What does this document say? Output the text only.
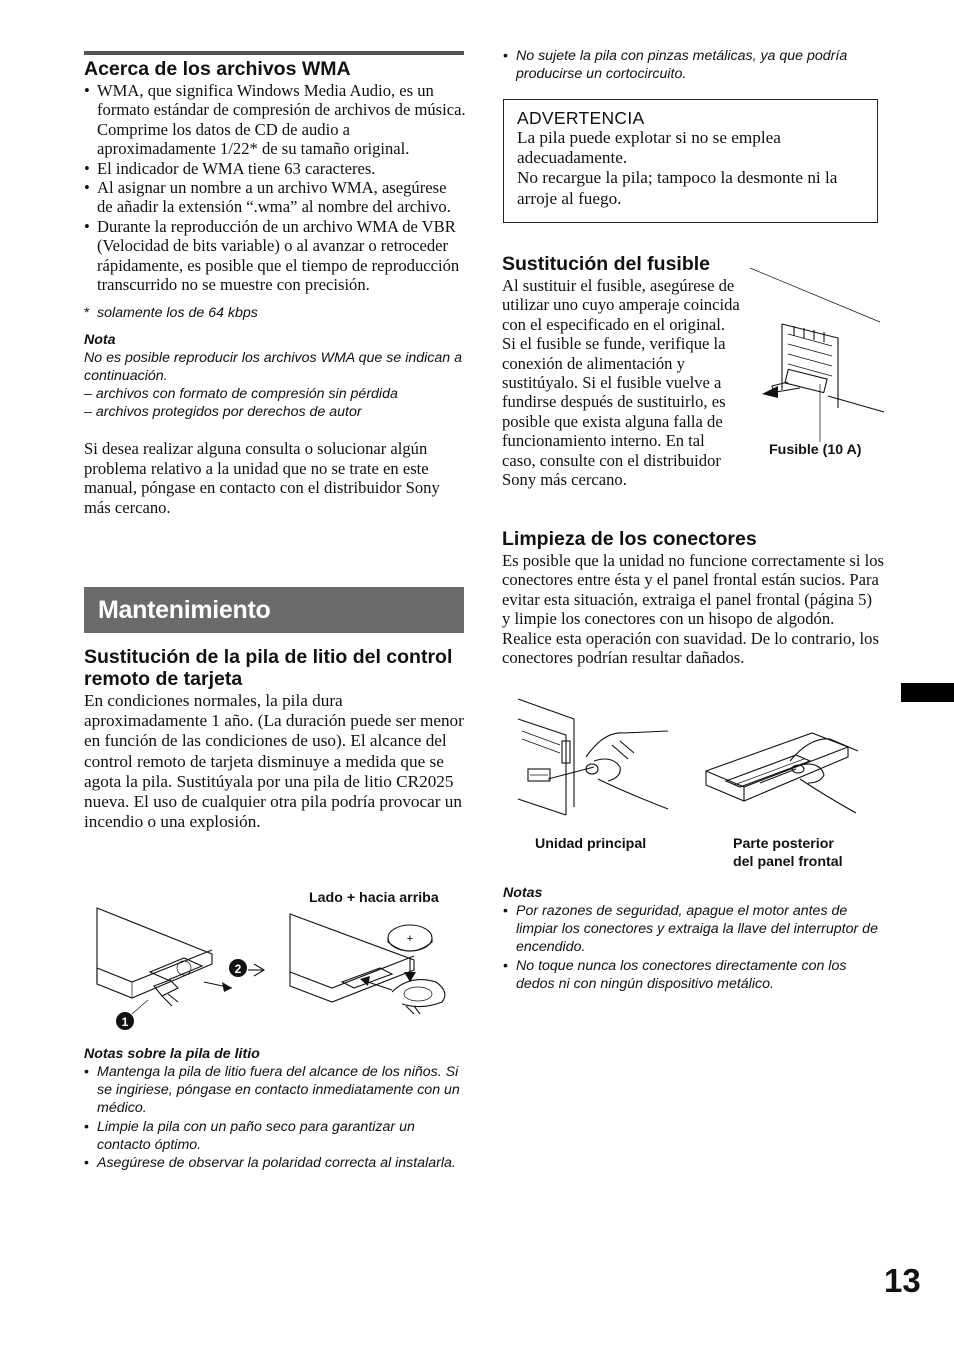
Acerca de los archivos WMA
• WMA, que significa Windows Media Audio, es un formato estándar de compresión de archivos de música. Comprime los datos de CD de audio a aproximadamente 1/22* de su tamaño original.
• El indicador de WMA tiene 63 caracteres.
• Al asignar un nombre a un archivo WMA, asegúrese de añadir la extensión “.wma” al nombre del archivo.
• Durante la reproducción de un archivo WMA de VBR (Velocidad de bits variable) o al avanzar o retroceder rápidamente, es posible que el tiempo de reproducción transcurrido no se muestre con precisión.

* solamente los de 64 kbps

Nota

No es posible reproducir los archivos WMA que se indican a continuación.

– archivos con formato de compresión sin pérdida

– archivos protegidos por derechos de autor

Si desea realizar alguna consulta o solucionar algún problema relativo a la unidad que no se trate en este manual, póngase en contacto con el distribuidor Sony más cercano.

Mantenimiento
Sustitución de la pila de litio del control remoto de tarjeta

En condiciones normales, la pila dura aproximadamente 1 año. (La duración puede ser menor en función de las condiciones de uso). El alcance del control remoto de tarjeta disminuye a medida que se agota la pila. Sustitúyala por una pila de litio CR2025 nueva. El uso de cualquier otra pila podría provocar un incendio o una explosión.

Lado + hacia arriba
2
1
+

Notas sobre la pila de litio

• Mantenga la pila de litio fuera del alcance de los niños. Si se ingiriese, póngase en contacto inmediatamente con un médico.
• Limpie la pila con un paño seco para garantizar un contacto óptimo.
• Asegúrese de observar la polaridad correcta al instalarla.
• No sujete la pila con pinzas metálicas, ya que podría producirse un cortocircuito.
ADVERTENCIA

La pila puede explotar si no se emplea adecuadamente.

No recargue la pila; tampoco la desmonte ni la arroje al fuego.

Sustitución del fusible

Al sustituir el fusible, asegúrese de utilizar uno cuyo amperaje coincida con el especificado en el original. Si el fusible se funde, verifique la conexión de alimentación y sustitúyalo. Si el fusible vuelve a fundirse después de sustituirlo, es posible que exista alguna falla de funcionamiento interno. En tal caso, consulte con el distribuidor Sony más cercano.

Fusible (10 A)
Limpieza de los conectores

Es posible que la unidad no funcione correctamente si los conectores entre ésta y el panel frontal están sucios. Para evitar esta situación, extraiga el panel frontal (página 5) y limpie los conectores con un hisopo de algodón. Realice esta operación con suavidad. De lo contrario, los conectores podrían resultar dañados.

Unidad principal	Parte posterior
del panel frontal

Notas

• Por razones de seguridad, apague el motor antes de limpiar los conectores y extraiga la llave del interruptor de encendido.
• No toque nunca los conectores directamente con los dedos ni con ningún dispositivo metálico.
13
